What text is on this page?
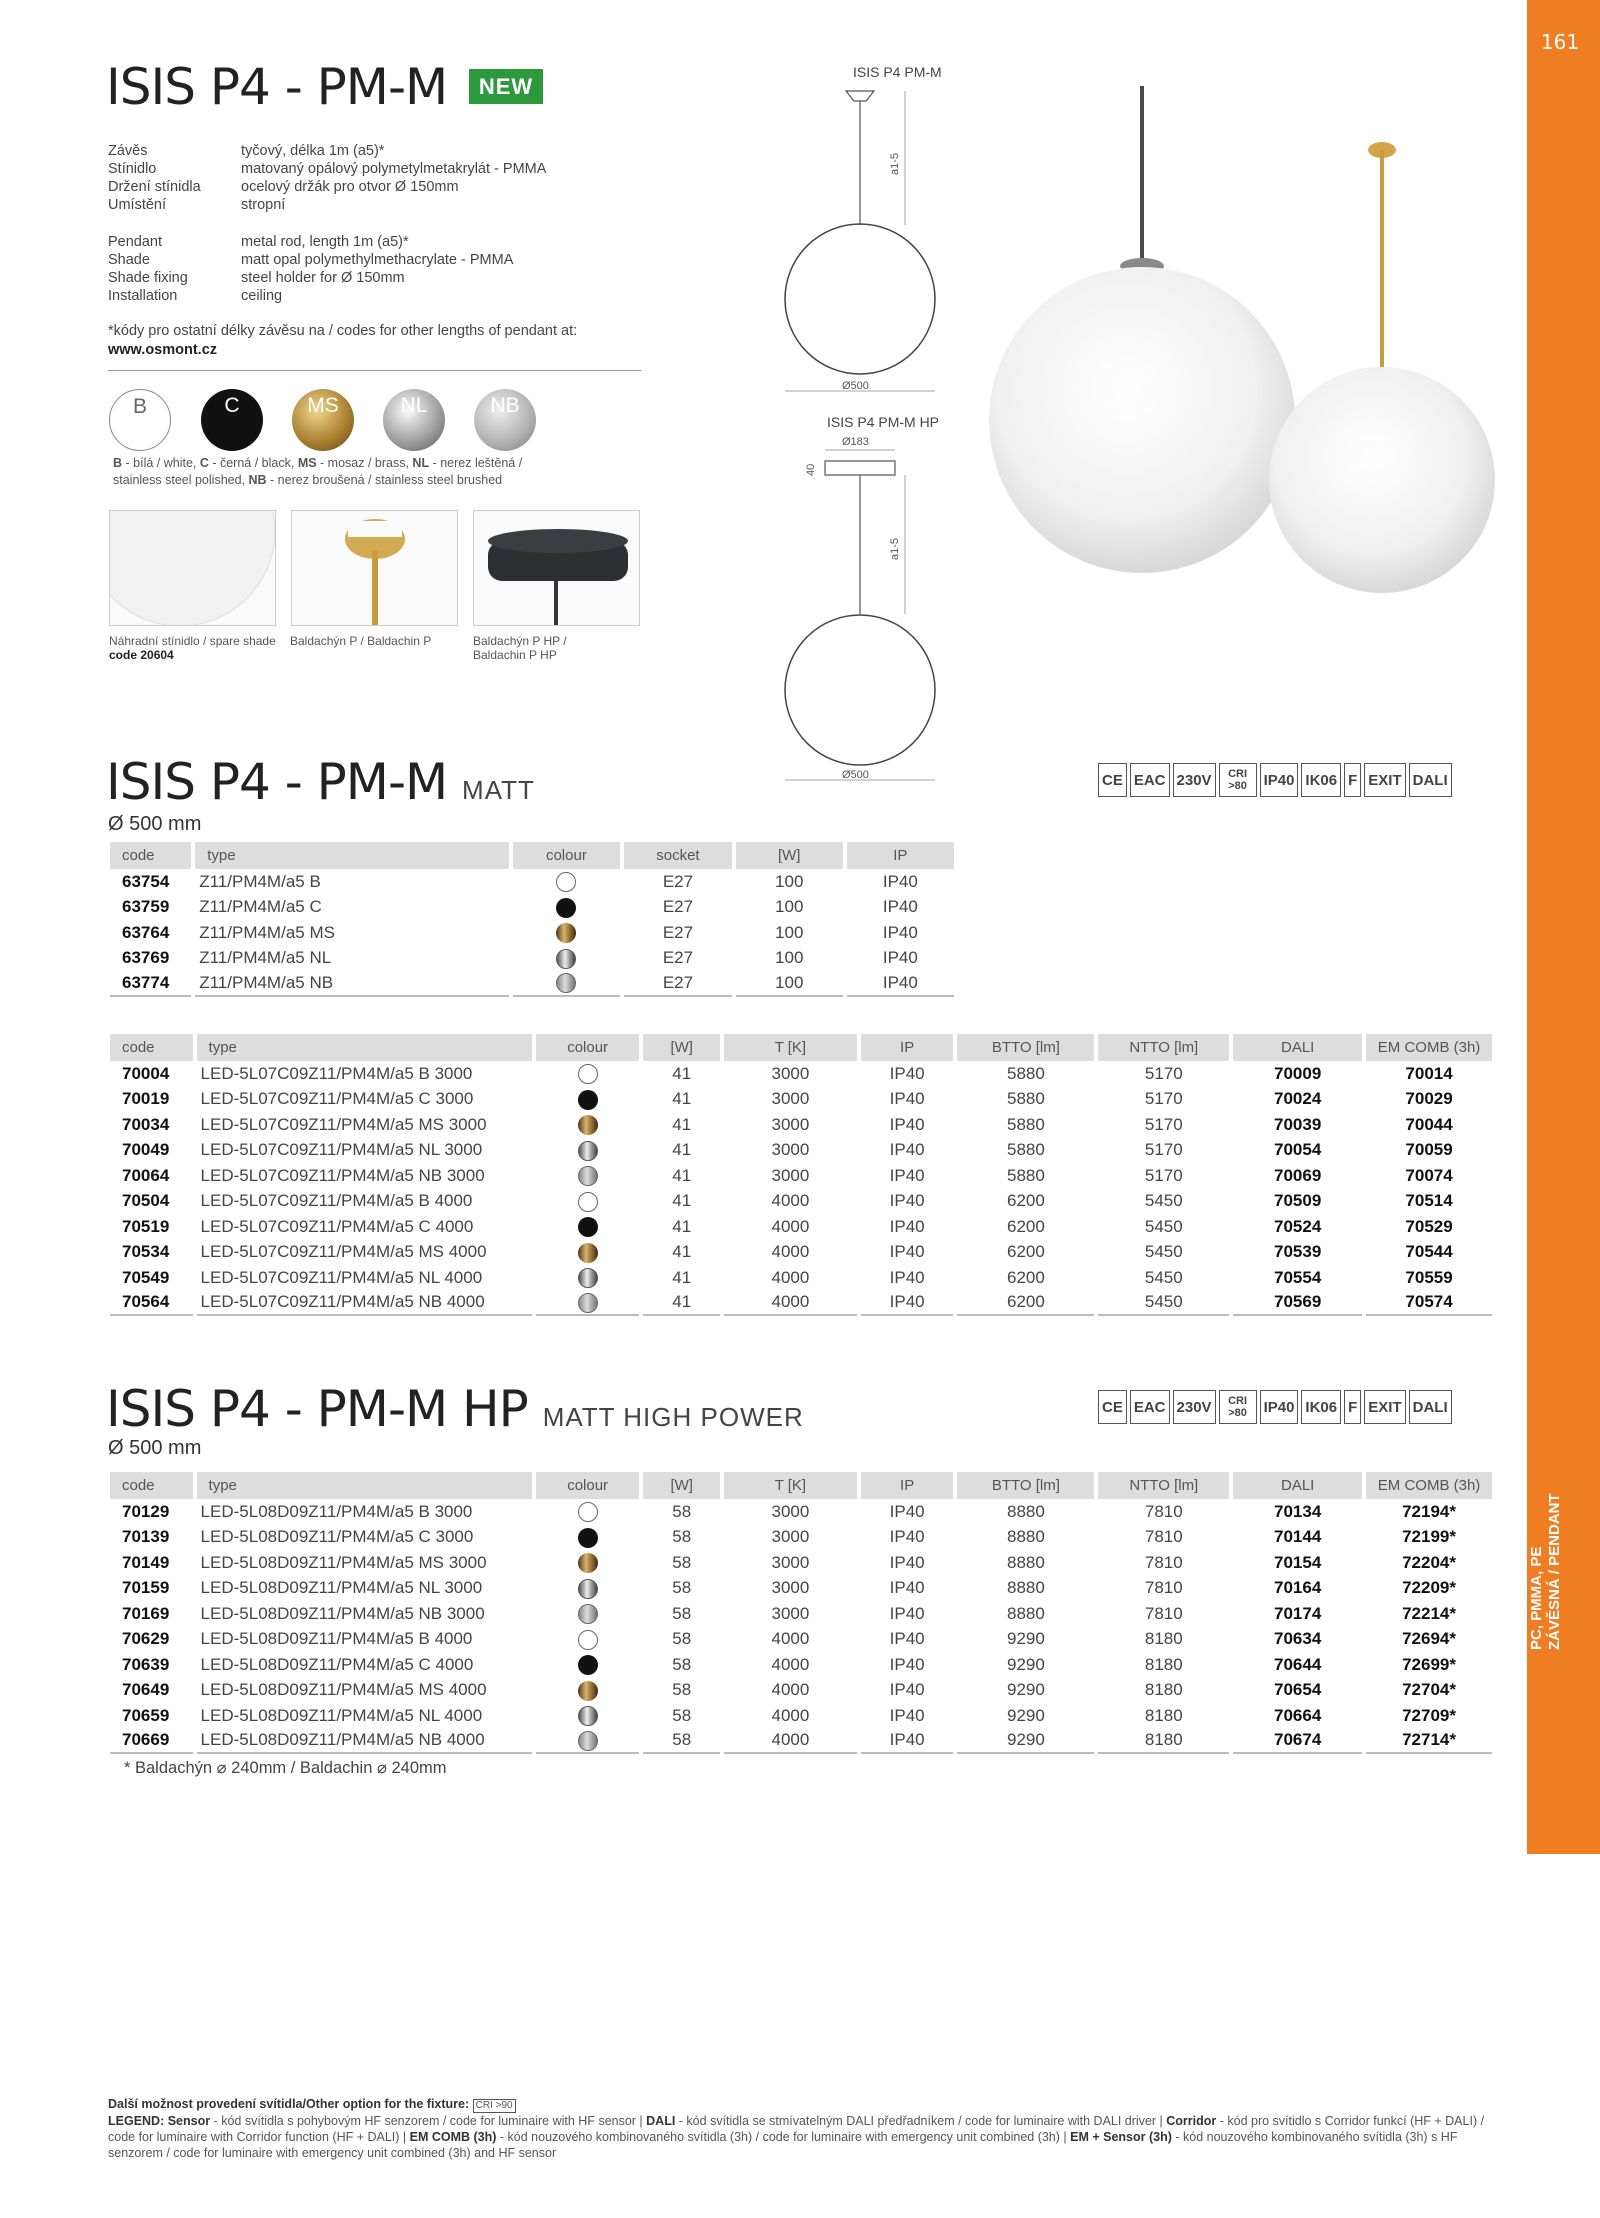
161
PC, PMMA, PE ZÁVĚSNÁ / PENDANT
ISIS P4 - PM-M	NEW
Závěs	tyčový, délka 1m (a5)*
Stínidlo	matovaný opálový polymetylmetakrylát - PMMA
Držení stínidla	ocelový držák pro otvor Ø 150mm
Umístění	stropní
Pendant	metal rod, length 1m (a5)*
Shade	matt opal polymethylmethacrylate - PMMA
Shade fixing	steel holder for Ø 150mm
Installation	ceiling
*kódy pro ostatní délky závěsu na / codes for other lengths of pendant at:
www.osmont.cz
B	C	MS	NL	NB
B - bílá / white, C - černá / black, MS - mosaz / brass, NL - nerez leštěná /
stainless steel polished, NB - nerez broušená / stainless steel brushed
Náhradní stínidlo / spare shade
code 20604
Baldachýn P / Baldachin P	Baldachýn P HP /
Baldachin P HP
ISIS P4 PM-M
ISIS P4 PM-M HP
a1-5
Ø500
Ø183
40
a1-5
Ø500
ISIS P4 - PM-M MATT
Ø 500 mm
CE EAC 230V	CRI >80	IP40 IK06 F EXIT DALI
code	type	colour	socket	[W]	IP
63754	Z11/PM4M/a5 B		E27	100	IP40
63759	Z11/PM4M/a5 C		E27	100	IP40
63764	Z11/PM4M/a5 MS		E27	100	IP40
63769	Z11/PM4M/a5 NL		E27	100	IP40
63774	Z11/PM4M/a5 NB		E27	100	IP40
code	type	colour	[W]	T [K]	IP	BTTO [lm]	NTTO [lm]	DALI	EM COMB (3h)
70004	LED-5L07C09Z11/PM4M/a5 B 3000		41	3000	IP40	5880	5170	70009	70014
70019	LED-5L07C09Z11/PM4M/a5 C 3000		41	3000	IP40	5880	5170	70024	70029
70034	LED-5L07C09Z11/PM4M/a5 MS 3000		41	3000	IP40	5880	5170	70039	70044
70049	LED-5L07C09Z11/PM4M/a5 NL 3000		41	3000	IP40	5880	5170	70054	70059
70064	LED-5L07C09Z11/PM4M/a5 NB 3000		41	3000	IP40	5880	5170	70069	70074
70504	LED-5L07C09Z11/PM4M/a5 B 4000		41	4000	IP40	6200	5450	70509	70514
70519	LED-5L07C09Z11/PM4M/a5 C 4000		41	4000	IP40	6200	5450	70524	70529
70534	LED-5L07C09Z11/PM4M/a5 MS 4000		41	4000	IP40	6200	5450	70539	70544
70549	LED-5L07C09Z11/PM4M/a5 NL 4000		41	4000	IP40	6200	5450	70554	70559
70564	LED-5L07C09Z11/PM4M/a5 NB 4000		41	4000	IP40	6200	5450	70569	70574
ISIS P4 - PM-M HP MATT HIGH POWER
Ø 500 mm
CE EAC 230V	CRI >80	IP40 IK06 F EXIT DALI
code	type	colour	[W]	T [K]	IP	BTTO [lm]	NTTO [lm]	DALI	EM COMB (3h)
70129	LED-5L08D09Z11/PM4M/a5 B 3000		58	3000	IP40	8880	7810	70134	72194*
70139	LED-5L08D09Z11/PM4M/a5 C 3000		58	3000	IP40	8880	7810	70144	72199*
70149	LED-5L08D09Z11/PM4M/a5 MS 3000		58	3000	IP40	8880	7810	70154	72204*
70159	LED-5L08D09Z11/PM4M/a5 NL 3000		58	3000	IP40	8880	7810	70164	72209*
70169	LED-5L08D09Z11/PM4M/a5 NB 3000		58	3000	IP40	8880	7810	70174	72214*
70629	LED-5L08D09Z11/PM4M/a5 B 4000		58	4000	IP40	9290	8180	70634	72694*
70639	LED-5L08D09Z11/PM4M/a5 C 4000		58	4000	IP40	9290	8180	70644	72699*
70649	LED-5L08D09Z11/PM4M/a5 MS 4000		58	4000	IP40	9290	8180	70654	72704*
70659	LED-5L08D09Z11/PM4M/a5 NL 4000		58	4000	IP40	9290	8180	70664	72709*
70669	LED-5L08D09Z11/PM4M/a5 NB 4000		58	4000	IP40	9290	8180	70674	72714*
* Baldachýn ⌀ 240mm / Baldachin ⌀ 240mm
Další možnost provedení svítidla/Other option for the fixture: CRI >90
LEGEND: Sensor - kód svítidla s pohybovým HF senzorem / code for luminaire with HF sensor | DALI - kód svítidla se stmívatelným DALI předřadníkem / code for luminaire with DALI driver | Corridor - kód pro svítidlo s Corridor funkcí (HF + DALI) / code for luminaire with Corridor function (HF + DALI) | EM COMB (3h) - kód nouzového kombinovaného svítidla (3h) / code for luminaire with emergency unit combined (3h) | EM + Sensor (3h) - kód nouzového kombinovaného svítidla (3h) s HF senzorem / code for luminaire with emergency unit combined (3h) and HF sensor
